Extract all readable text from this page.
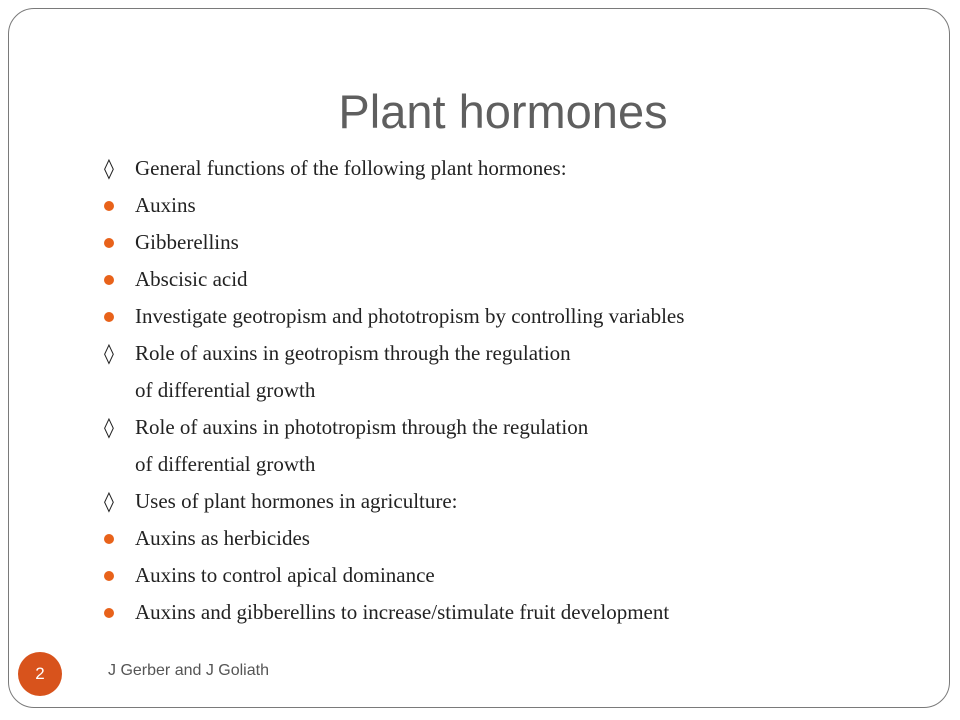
Plant hormones
◊ General functions of the following plant hormones:
Auxins
Gibberellins
Abscisic acid
Investigate geotropism and phototropism by controlling variables
◊ Role of auxins in geotropism through the regulation
of differential growth
◊ Role of auxins in phototropism through the regulation
of differential growth
◊ Uses of plant hormones in agriculture:
Auxins as herbicides
Auxins to control apical dominance
Auxins and gibberellins to increase/stimulate fruit development
2	J Gerber and J Goliath
